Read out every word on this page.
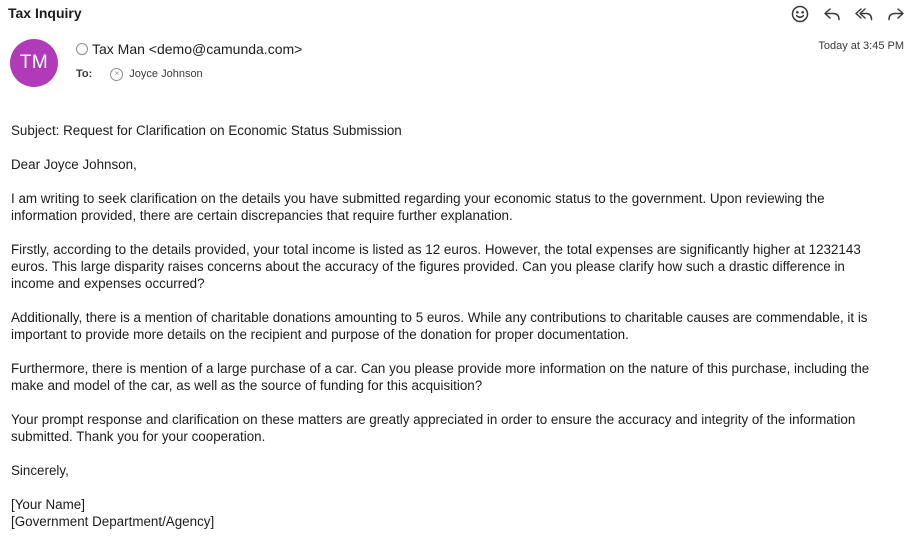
Tax Inquiry
TM
Tax Man <demo@camunda.com>
To:	× Joyce Johnson
Today at 3:45 PM

Subject: Request for Clarification on Economic Status Submission

Dear Joyce Johnson,

I am writing to seek clarification on the details you have submitted regarding your economic status to the government. Upon reviewing the information provided, there are certain discrepancies that require further explanation.

Firstly, according to the details provided, your total income is listed as 12 euros. However, the total expenses are significantly higher at 1232143 euros. This large disparity raises concerns about the accuracy of the figures provided. Can you please clarify how such a drastic difference in income and expenses occurred?

Additionally, there is a mention of charitable donations amounting to 5 euros. While any contributions to charitable causes are commendable, it is important to provide more details on the recipient and purpose of the donation for proper documentation.

Furthermore, there is mention of a large purchase of a car. Can you please provide more information on the nature of this purchase, including the make and model of the car, as well as the source of funding for this acquisition?

Your prompt response and clarification on these matters are greatly appreciated in order to ensure the accuracy and integrity of the information submitted. Thank you for your cooperation.

Sincerely,

[Your Name]

[Government Department/Agency]
